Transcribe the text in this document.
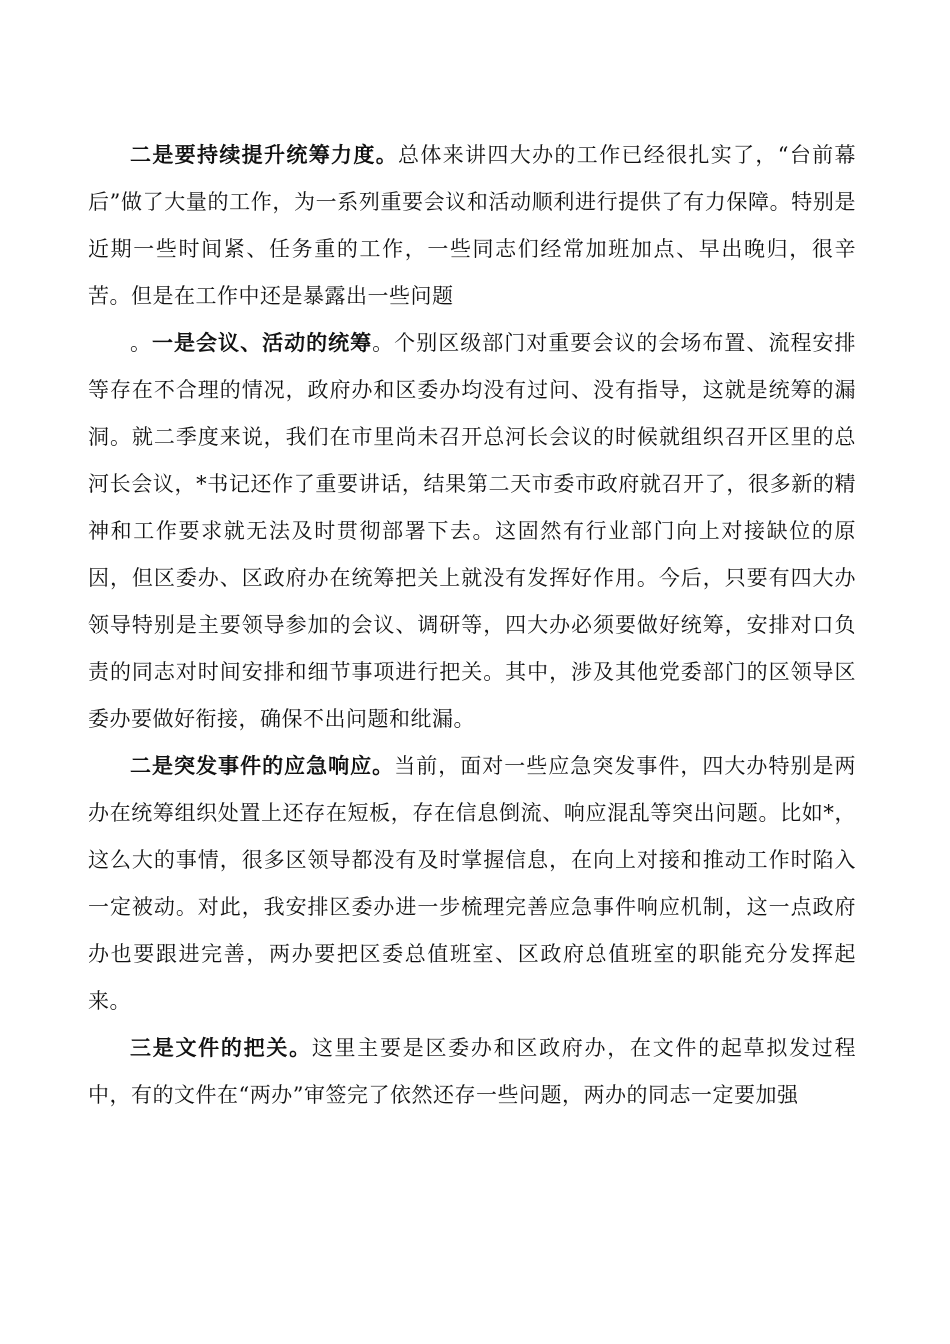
二是要持续提升统筹力度。总体来讲四大办的工作已经很扎实了，“台前幕后”做了大量的工作，为一系列重要会议和活动顺利进行提供了有力保障。特别是近期一些时间紧、任务重的工作，一些同志们经常加班加点、早出晚归，很辛苦。但是在工作中还是暴露出一些问题

。一是会议、活动的统筹。个别区级部门对重要会议的会场布置、流程安排等存在不合理的情况，政府办和区委办均没有过问、没有指导，这就是统筹的漏洞。就二季度来说，我们在市里尚未召开总河长会议的时候就组织召开区里的总河长会议，*书记还作了重要讲话，结果第二天市委市政府就召开了，很多新的精神和工作要求就无法及时贯彻部署下去。这固然有行业部门向上对接缺位的原因，但区委办、区政府办在统筹把关上就没有发挥好作用。今后，只要有四大办领导特别是主要领导参加的会议、调研等，四大办必须要做好统筹，安排对口负责的同志对时间安排和细节事项进行把关。其中，涉及其他党委部门的区领导区委办要做好衔接，确保不出问题和纰漏。

二是突发事件的应急响应。当前，面对一些应急突发事件，四大办特别是两办在统筹组织处置上还存在短板，存在信息倒流、响应混乱等突出问题。比如*，这么大的事情，很多区领导都没有及时掌握信息，在向上对接和推动工作时陷入一定被动。对此，我安排区委办进一步梳理完善应急事件响应机制，这一点政府办也要跟进完善，两办要把区委总值班室、区政府总值班室的职能充分发挥起来。

三是文件的把关。这里主要是区委办和区政府办，在文件的起草拟发过程中，有的文件在“两办”审签完了依然还存一些问题，两办的同志一定要加强
